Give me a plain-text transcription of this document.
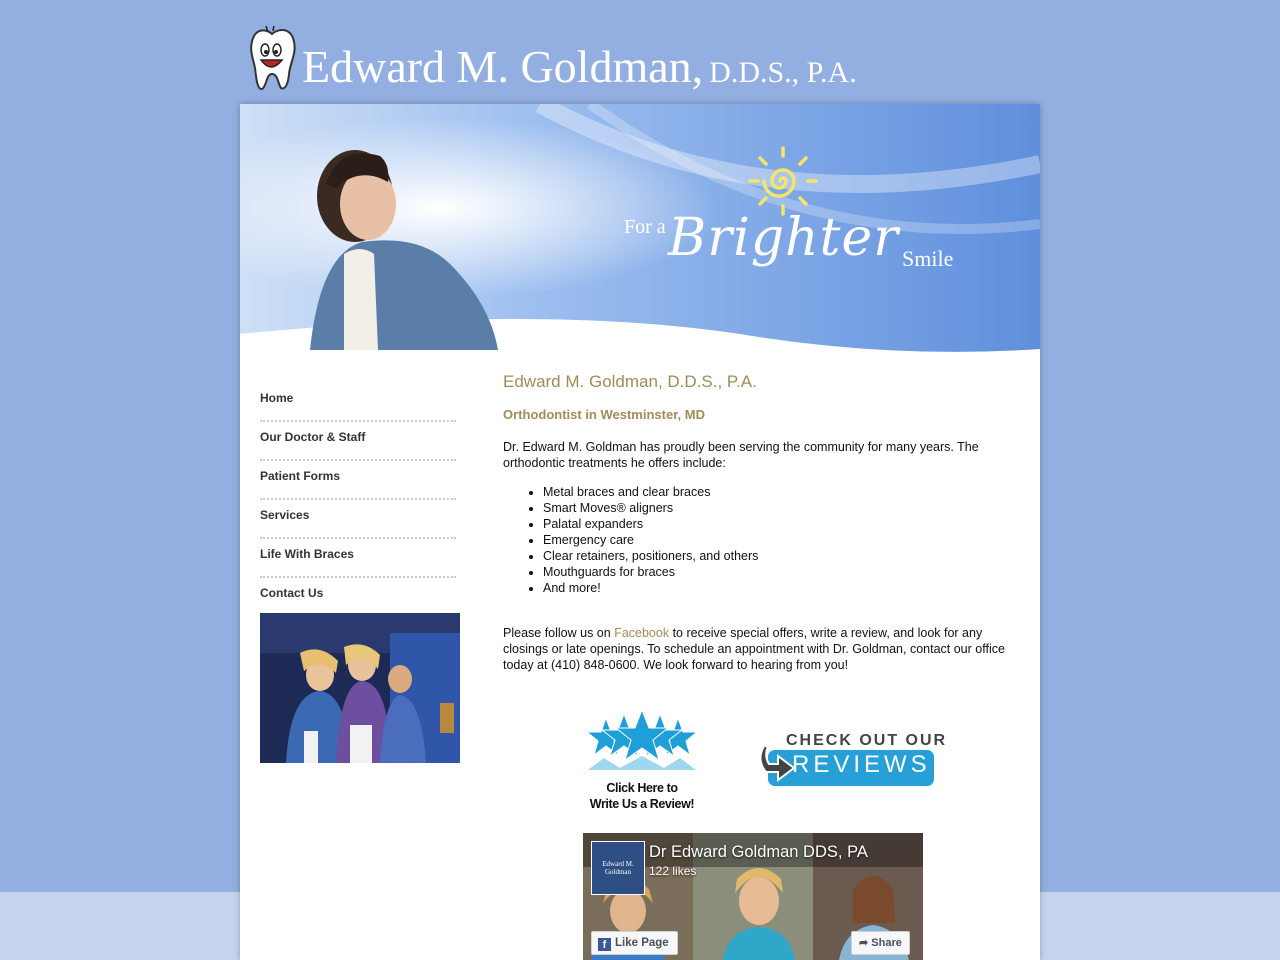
Edward M. Goldman, D.D.S., P.A.
For a Brighter Smile
Home
Our Doctor & Staff
Patient Forms
Services
Life With Braces
Contact Us
Edward M. Goldman, D.D.S., P.A.
Orthodontist in Westminster, MD

Dr. Edward M. Goldman has proudly been serving the community for many years. The orthodontic treatments he offers include:

• Metal braces and clear braces
• Smart Moves® aligners
• Palatal expanders
• Emergency care
• Clear retainers, positioners, and others
• Mouthguards for braces
• And more!

Please follow us on Facebook to receive special offers, write a review, and look for any closings or late openings. To schedule an appointment with Dr. Goldman, contact our office today at (410) 848-0600. We look forward to hearing from you!

Click Here to
Write Us a Review!
CHECK OUT OUR
REVIEWS
Edward M. Goldman
Dr Edward Goldman DDS, PA
122 likes
f Like Page	➦ Share
